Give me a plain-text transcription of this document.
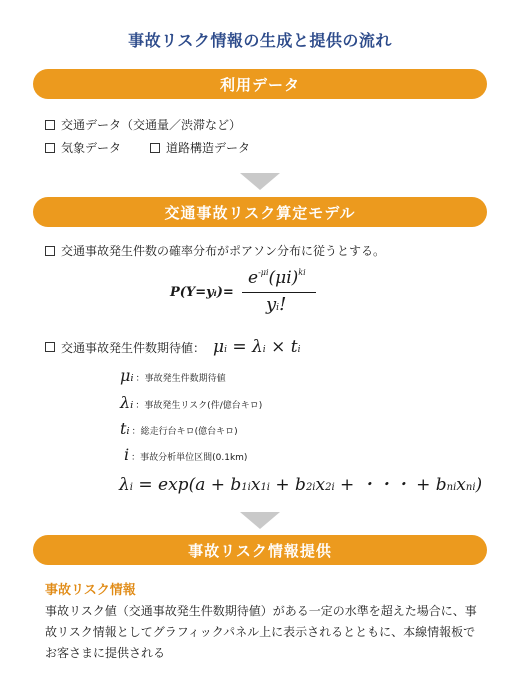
事故リスク情報の生成と提供の流れ
利用データ
交通データ（交通量／渋滞など）
気象データ	道路構造データ
交通事故リスク算定モデル
交通事故発生件数の確率分布がポアソン分布に従うとする。
P(Y=yᵢ)=
$e^{-\mu i}(\mu i)^{ki}$
yi!
交通事故発生件数期待値： μi = λi × ti
μᵢ ：事故発生件数期待値
λᵢ ：事故発生リスク(件/億台キロ)
tᵢ ：総走行台キロ(億台キロ)
i ：事故分析単位区間(0.1km)
λi = exp(a + b1ix1i + b2ix2i + ・・・ + bnixni)
事故リスク情報提供
事故リスク情報
事故リスク値（交通事故発生件数期待値）がある一定の水準を超えた場合に、事故リスク情報としてグラフィックパネル上に表示されるとともに、本線情報板でお客さまに提供される
